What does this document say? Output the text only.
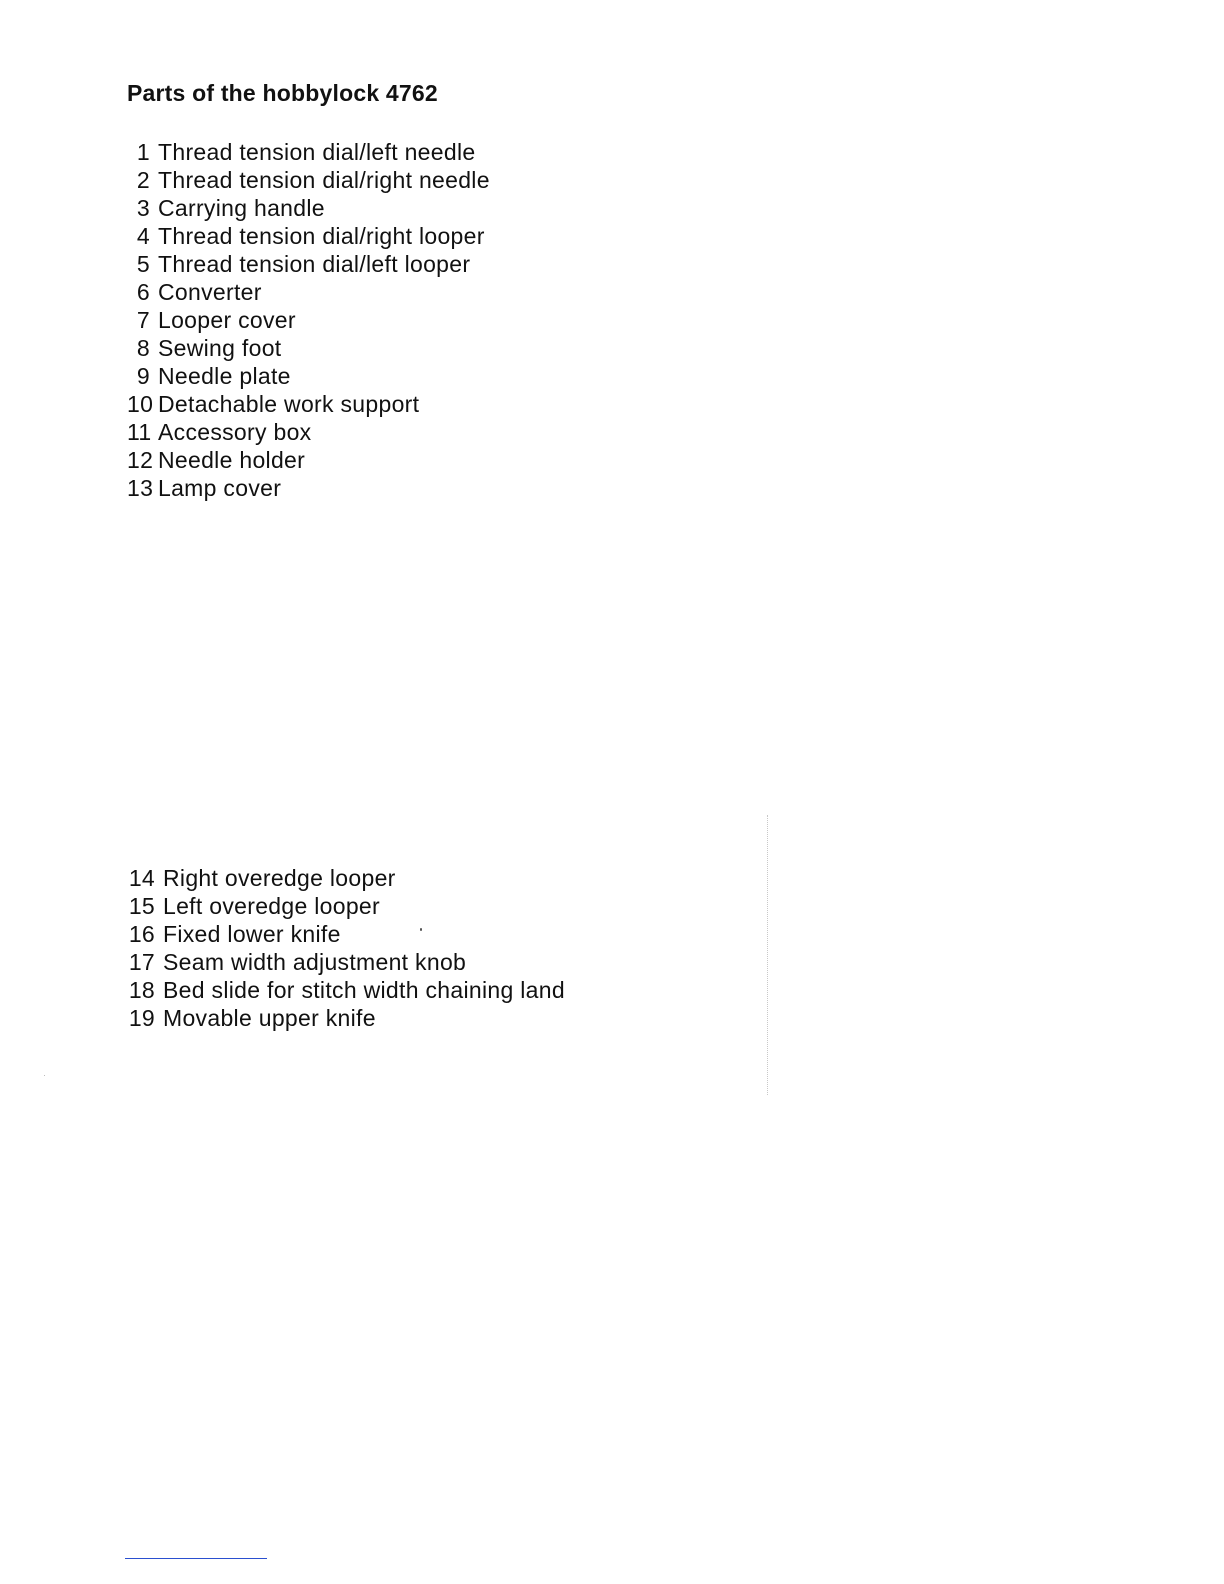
Parts of the hobbylock 4762
1 Thread tension dial/left needle
2 Thread tension dial/right needle
3 Carrying handle
4 Thread tension dial/right looper
5 Thread tension dial/left looper
6 Converter
7 Looper cover
8 Sewing foot
9 Needle plate
10 Detachable work support
11 Accessory box
12 Needle holder
13 Lamp cover
14 Right overedge looper
15 Left overedge looper
16 Fixed lower knife
17 Seam width adjustment knob
18 Bed slide for stitch width chaining land
19 Movable upper knife
